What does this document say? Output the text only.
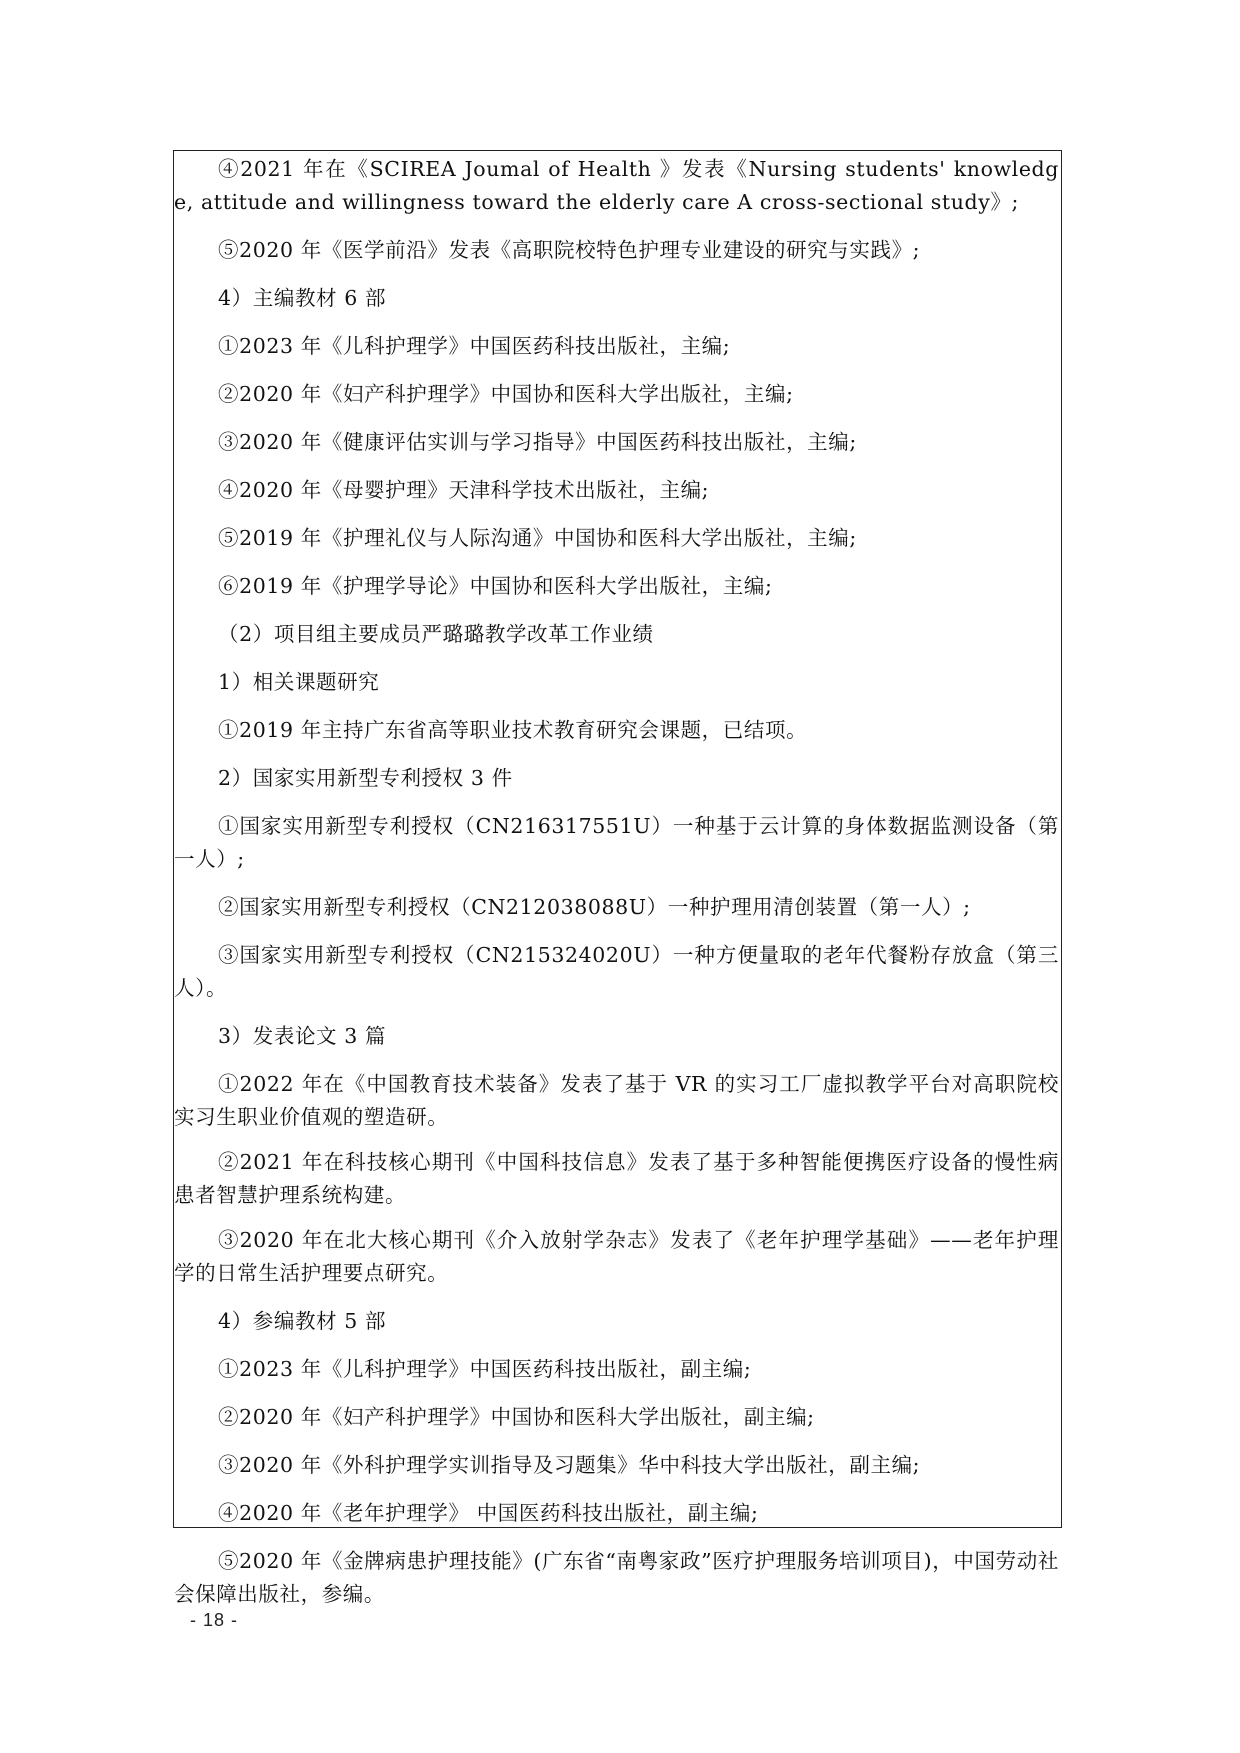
④2021 年在《SCIREA Joumal of Health 》发表《Nursing students' knowledge, attitude and willingness toward the elderly care A cross-sectional study》;

⑤2020 年《医学前沿》发表《高职院校特色护理专业建设的研究与实践》;

4）主编教材 6 部

①2023 年《儿科护理学》中国医药科技出版社，主编;

②2020 年《妇产科护理学》中国协和医科大学出版社，主编;

③2020 年《健康评估实训与学习指导》中国医药科技出版社，主编;

④2020 年《母婴护理》天津科学技术出版社，主编;

⑤2019 年《护理礼仪与人际沟通》中国协和医科大学出版社，主编;

⑥2019 年《护理学导论》中国协和医科大学出版社，主编;

（2）项目组主要成员严璐璐教学改革工作业绩

1）相关课题研究

①2019 年主持广东省高等职业技术教育研究会课题，已结项。

2）国家实用新型专利授权 3 件

①国家实用新型专利授权（CN216317551U）一种基于云计算的身体数据监测设备（第一人）;

②国家实用新型专利授权（CN212038088U）一种护理用清创装置（第一人）;

③国家实用新型专利授权（CN215324020U）一种方便量取的老年代餐粉存放盒（第三人）。

3）发表论文 3 篇

①2022 年在《中国教育技术装备》发表了基于 VR 的实习工厂虚拟教学平台对高职院校实习生职业价值观的塑造研。

②2021 年在科技核心期刊《中国科技信息》发表了基于多种智能便携医疗设备的慢性病患者智慧护理系统构建。

③2020 年在北大核心期刊《介入放射学杂志》发表了《老年护理学基础》——老年护理学的日常生活护理要点研究。

4）参编教材 5 部

①2023 年《儿科护理学》中国医药科技出版社，副主编;

②2020 年《妇产科护理学》中国协和医科大学出版社，副主编;

③2020 年《外科护理学实训指导及习题集》华中科技大学出版社，副主编;

④2020 年《老年护理学》 中国医药科技出版社，副主编;

⑤2020 年《金牌病患护理技能》(广东省“南粤家政”医疗护理服务培训项目)，中国劳动社会保障出版社，参编。

- 18 -
